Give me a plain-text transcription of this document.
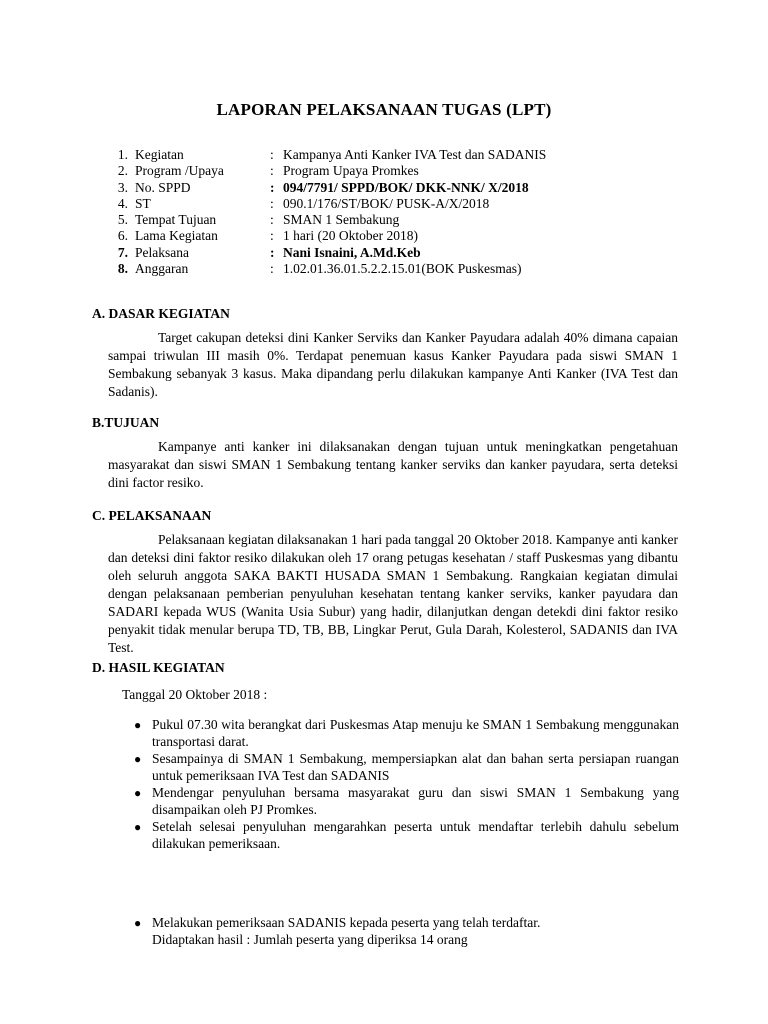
LAPORAN PELAKSANAAN TUGAS (LPT)
1. Kegiatan	: Kampanya Anti Kanker IVA Test dan SADANIS
2. Program /Upaya	: Program Upaya Promkes
3. No. SPPD	: 094/7791/ SPPD/BOK/ DKK-NNK/ X/2018
4. ST	: 090.1/176/ST/BOK/ PUSK-A/X/2018
5. Tempat Tujuan	: SMAN 1 Sembakung
6. Lama Kegiatan	: 1 hari (20 Oktober 2018)
7. Pelaksana	: Nani Isnaini, A.Md.Keb
8. Anggaran	: 1.02.01.36.01.5.2.2.15.01(BOK Puskesmas)
A. DASAR KEGIATAN
Target cakupan deteksi dini Kanker Serviks dan Kanker Payudara adalah 40% dimana capaian sampai triwulan III masih 0%. Terdapat penemuan kasus Kanker Payudara pada siswi SMAN 1 Sembakung sebanyak 3 kasus. Maka dipandang perlu dilakukan kampanye Anti Kanker (IVA Test dan Sadanis).
B.TUJUAN
Kampanye anti kanker ini dilaksanakan dengan tujuan untuk meningkatkan pengetahuan masyarakat dan siswi SMAN 1 Sembakung tentang kanker serviks dan kanker payudara, serta deteksi dini factor resiko.
C. PELAKSANAAN
Pelaksanaan kegiatan dilaksanakan 1 hari pada tanggal 20 Oktober 2018. Kampanye anti kanker dan deteksi dini faktor resiko dilakukan oleh 17 orang petugas kesehatan / staff Puskesmas yang dibantu oleh seluruh anggota SAKA BAKTI HUSADA SMAN 1 Sembakung. Rangkaian kegiatan dimulai dengan pelaksanaan pemberian penyuluhan kesehatan tentang kanker serviks, kanker payudara dan SADARI kepada WUS (Wanita Usia Subur) yang hadir, dilanjutkan dengan detekdi dini faktor resiko penyakit tidak menular berupa TD, TB, BB, Lingkar Perut, Gula Darah, Kolesterol, SADANIS dan IVA Test.
D. HASIL KEGIATAN
Tanggal 20 Oktober 2018 :
● Pukul 07.30 wita berangkat dari Puskesmas Atap menuju ke SMAN 1 Sembakung menggunakan transportasi darat.
● Sesampainya di SMAN 1 Sembakung, mempersiapkan alat dan bahan serta persiapan ruangan untuk pemeriksaan IVA Test dan SADANIS
● Mendengar penyuluhan bersama masyarakat guru dan siswi SMAN 1 Sembakung yang disampaikan oleh PJ Promkes.
● Setelah selesai penyuluhan mengarahkan peserta untuk mendaftar terlebih dahulu sebelum dilakukan pemeriksaan.
● Melakukan pemeriksaan SADANIS kepada peserta yang telah terdaftar.
Didaptakan hasil : Jumlah peserta yang diperiksa 14 orang
